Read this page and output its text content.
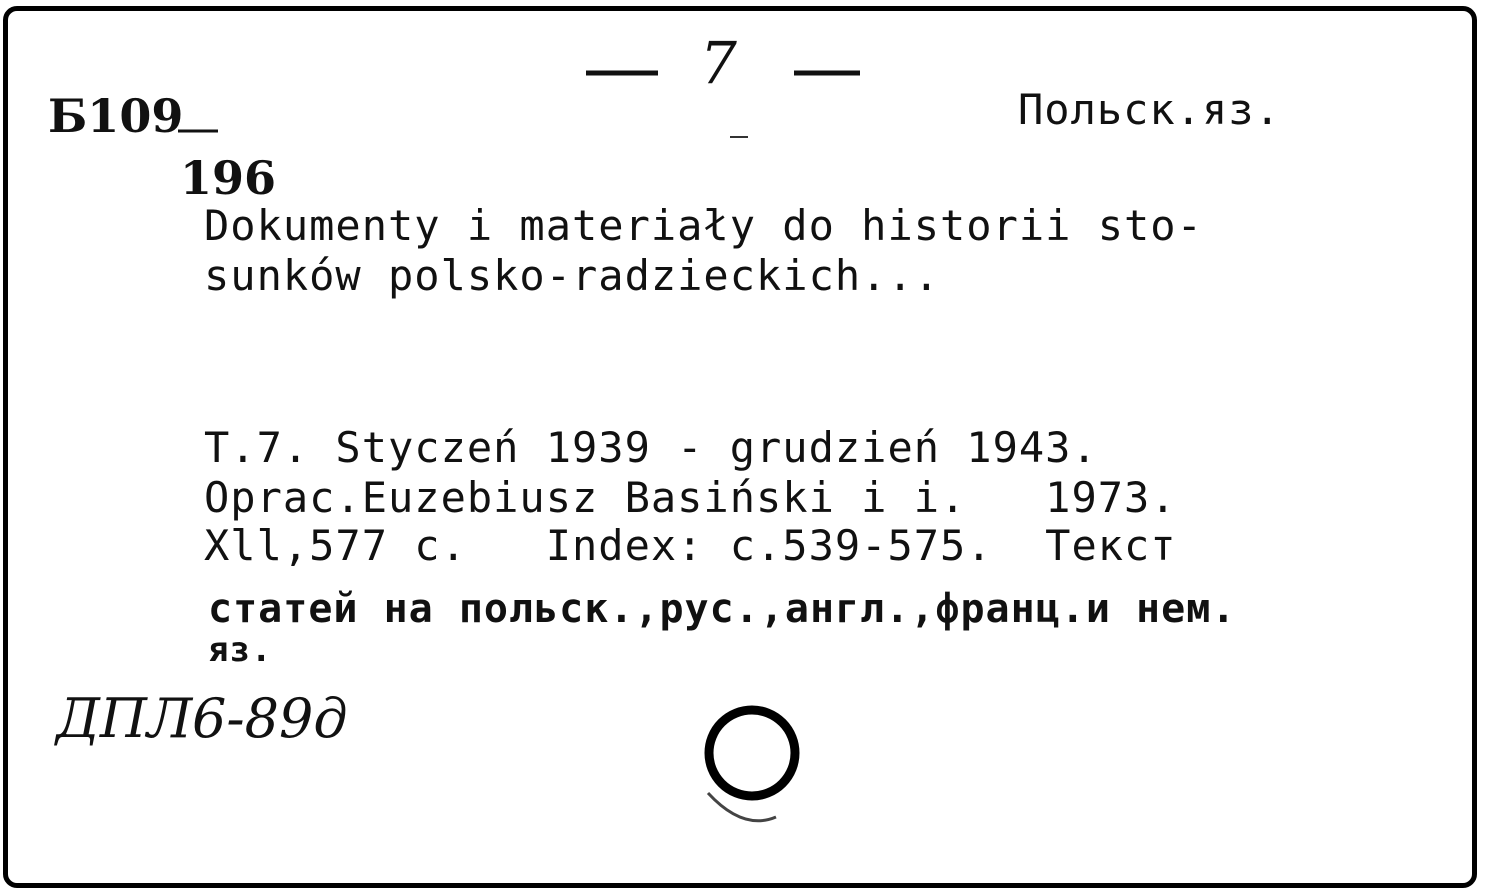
7
Польск.яз.
Б109
196
Dokumenty i materiały do historii sto-
sunków polsko-radzieckich...
T.7. Styczeń 1939 - grudzień 1943.
Oprac.Euzebiusz Basiński i i.   1973.
Xll,577 c.   Index: c.539-575.  Текст
статей на польск.,рус.,англ.,франц.и нем.
яз.
ДПЛ6-89д
